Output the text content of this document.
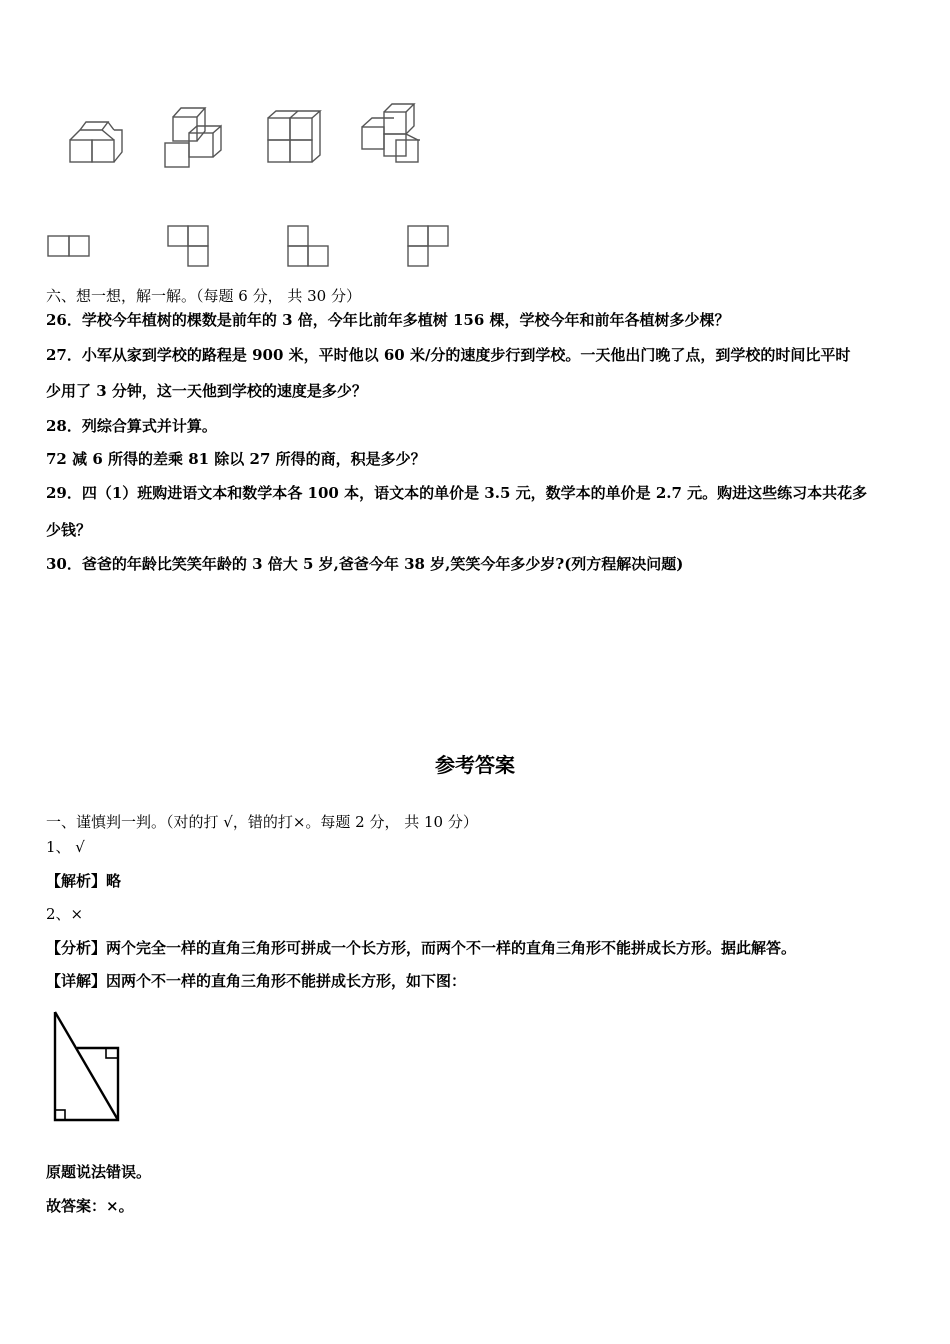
六、想一想，解一解。（每题 6 分， 共 30 分）
26．学校今年植树的棵数是前年的 3 倍，今年比前年多植树 156 棵，学校今年和前年各植树多少棵？
27．小军从家到学校的路程是 900 米，平时他以 60 米/分的速度步行到学校。一天他出门晚了点，到学校的时间比平时
少用了 3 分钟，这一天他到学校的速度是多少？
28．列综合算式并计算。
72 减 6 所得的差乘 81 除以 27 所得的商，积是多少？
29．四（1）班购进语文本和数学本各 100 本，语文本的单价是 3.5 元，数学本的单价是 2.7 元。购进这些练习本共花多
少钱？
30．爸爸的年龄比笑笑年龄的 3 倍大 5 岁,爸爸今年 38 岁,笑笑今年多少岁?(列方程解决问题)
参考答案
一、谨慎判一判。（对的打 √，错的打×。每题 2 分， 共 10 分）
1、 √
【解析】略
2、×
【分析】两个完全一样的直角三角形可拼成一个长方形，而两个不一样的直角三角形不能拼成长方形。据此解答。
【详解】因两个不一样的直角三角形不能拼成长方形，如下图：
原题说法错误。
故答案：×。
